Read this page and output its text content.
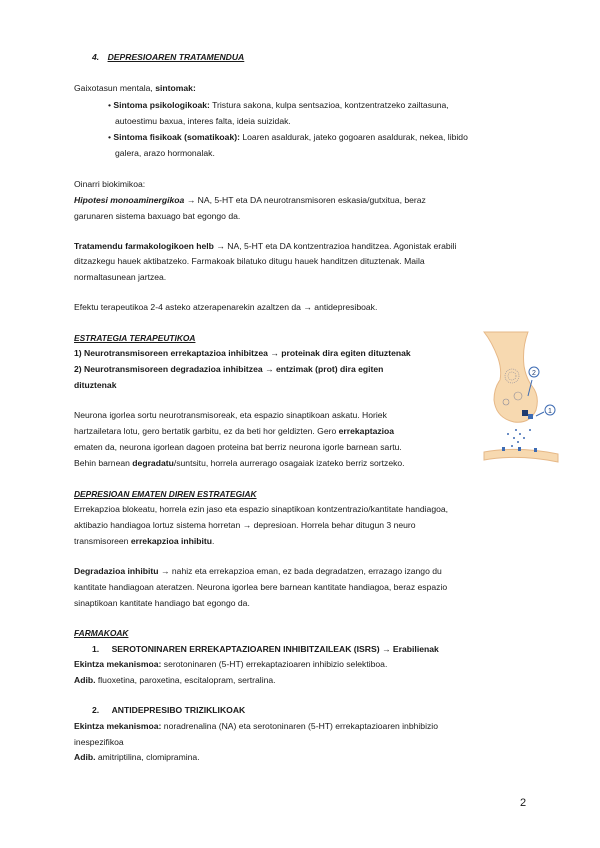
4. DEPRESIOAREN TRATAMENDUA
Gaixotasun mentala, sintomak:
• Sintoma psikologikoak: Tristura sakona, kulpa sentsazioa, kontzentratzeko zailtasuna,
autoestimu baxua, interes falta, ideia suizidak.
• Sintoma fisikoak (somatikoak): Loaren asaldurak, jateko gogoaren asaldurak, nekea, libido
galera, arazo hormonalak.
Oinarri biokimikoa:
Hipotesi monoaminergikoa → NA, 5-HT eta DA neurotransmisoren eskasia/gutxitua, beraz
garunaren sistema baxuago bat egongo da.
Tratamendu farmakologikoen helb → NA, 5-HT eta DA kontzentrazioa handitzea. Agonistak erabili
ditzazkegu hauek aktibatzeko. Farmakoak bilatuko ditugu hauek handitzen dituztenak. Maila
normaltasunean jartzea.
Efektu terapeutikoa 2-4 asteko atzerapenarekin azaltzen da → antidepresiboak.
ESTRATEGIA TERAPEUTIKOA
1) Neurotransmisoreen errekaptazioa inhibitzea → proteinak dira egiten dituztenak
2) Neurotransmisoreen degradazioa inhibitzea → entzimak (prot) dira egiten
dituztenak
Neurona igorlea sortu neurotransmisoreak, eta espazio sinaptikoan askatu. Horiek
hartzailetara lotu, gero bertatik garbitu, ez da beti hor geldizten. Gero errekaptazioa
ematen da, neurona igorlean dagoen proteina bat berriz neurona igorle barnean sartu.
Behin barnean degradatu/suntsitu, horrela aurrerago osagaiak izateko berriz sortzeko.
DEPRESIOAN EMATEN DIREN ESTRATEGIAK
Errekapzioa blokeatu, horrela ezin jaso eta espazio sinaptikoan kontzentrazio/kantitate handiagoa,
aktibazio handiagoa lortuz sistema horretan → depresioan. Horrela behar ditugun 3 neuro
transmisoreen errekapzioa inhibitu.
Degradazioa inhibitu → nahiz eta errekapzioa eman, ez bada degradatzen, errazago izango du
kantitate handiagoan ateratzen. Neurona igorlea bere barnean kantitate handiagoa, beraz espazio
sinaptikoan kantitate handiago bat egongo da.
FARMAKOAK
1. SEROTONINAREN ERREKAPTAZIOAREN INHIBITZAILEAK (ISRS) → Erabilienak
Ekintza mekanismoa: serotoninaren (5-HT) errekaptazioaren inhibizio selektiboa.
Adib. fluoxetina, paroxetina, escitalopram, sertralina.
2. ANTIDEPRESIBO TRIZIKLIKOAK
Ekintza mekanismoa: noradrenalina (NA) eta serotoninaren (5-HT) errekaptazioaren inbhibizio
inespezifikoa
Adib. amitriptilina, clomipramina.
2
1
2
